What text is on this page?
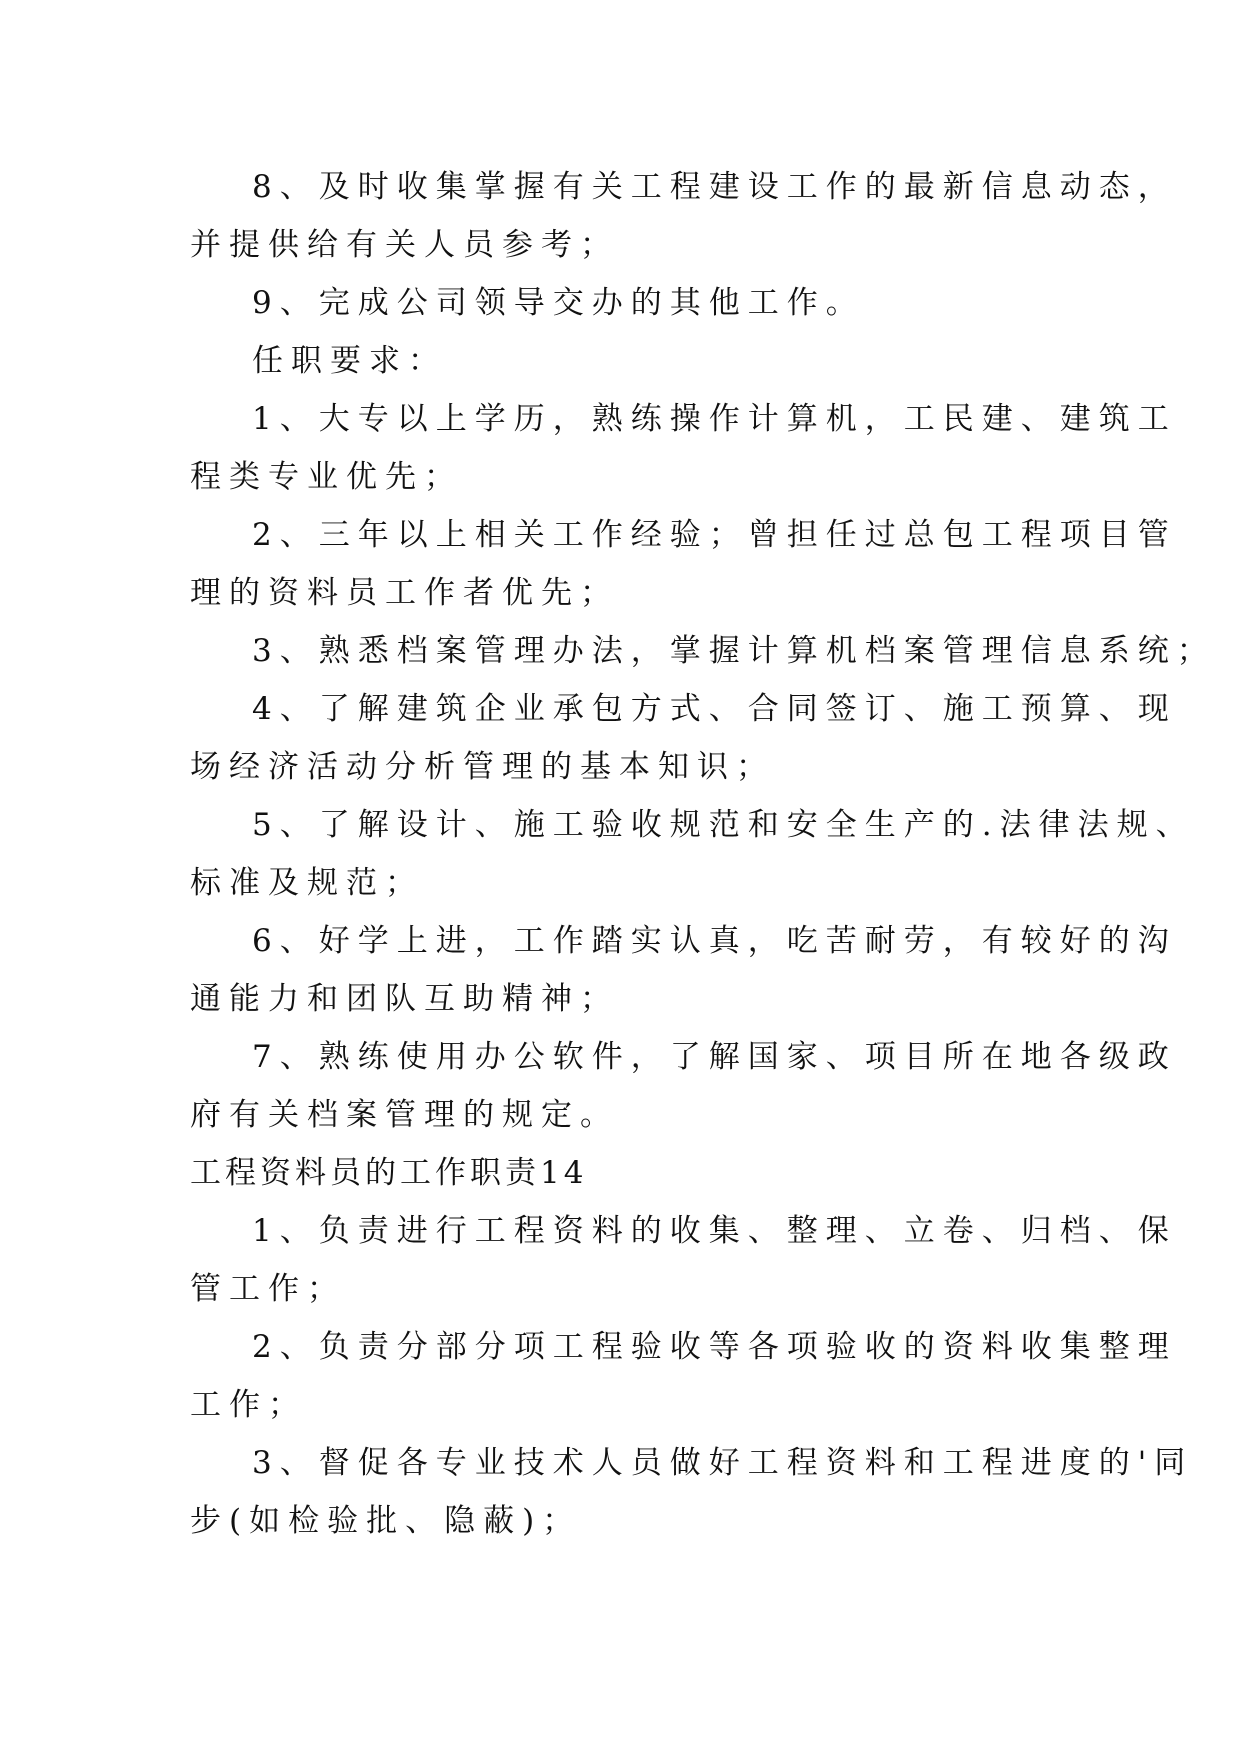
8、及时收集掌握有关工程建设工作的最新信息动态，
并提供给有关人员参考；
9、完成公司领导交办的其他工作。
任职要求：
1、大专以上学历，熟练操作计算机，工民建、建筑工
程类专业优先；
2、三年以上相关工作经验；曾担任过总包工程项目管
理的资料员工作者优先；
3、熟悉档案管理办法，掌握计算机档案管理信息系统；
4、了解建筑企业承包方式、合同签订、施工预算、现
场经济活动分析管理的基本知识；
5、了解设计、施工验收规范和安全生产的.法律法规、
标准及规范；
6、好学上进，工作踏实认真，吃苦耐劳，有较好的沟
通能力和团队互助精神；
7、熟练使用办公软件，了解国家、项目所在地各级政
府有关档案管理的规定。
工程资料员的工作职责14
1、负责进行工程资料的收集、整理、立卷、归档、保
管工作；
2、负责分部分项工程验收等各项验收的资料收集整理
工作；
3、督促各专业技术人员做好工程资料和工程进度的'同
步(如检验批、隐蔽)；
